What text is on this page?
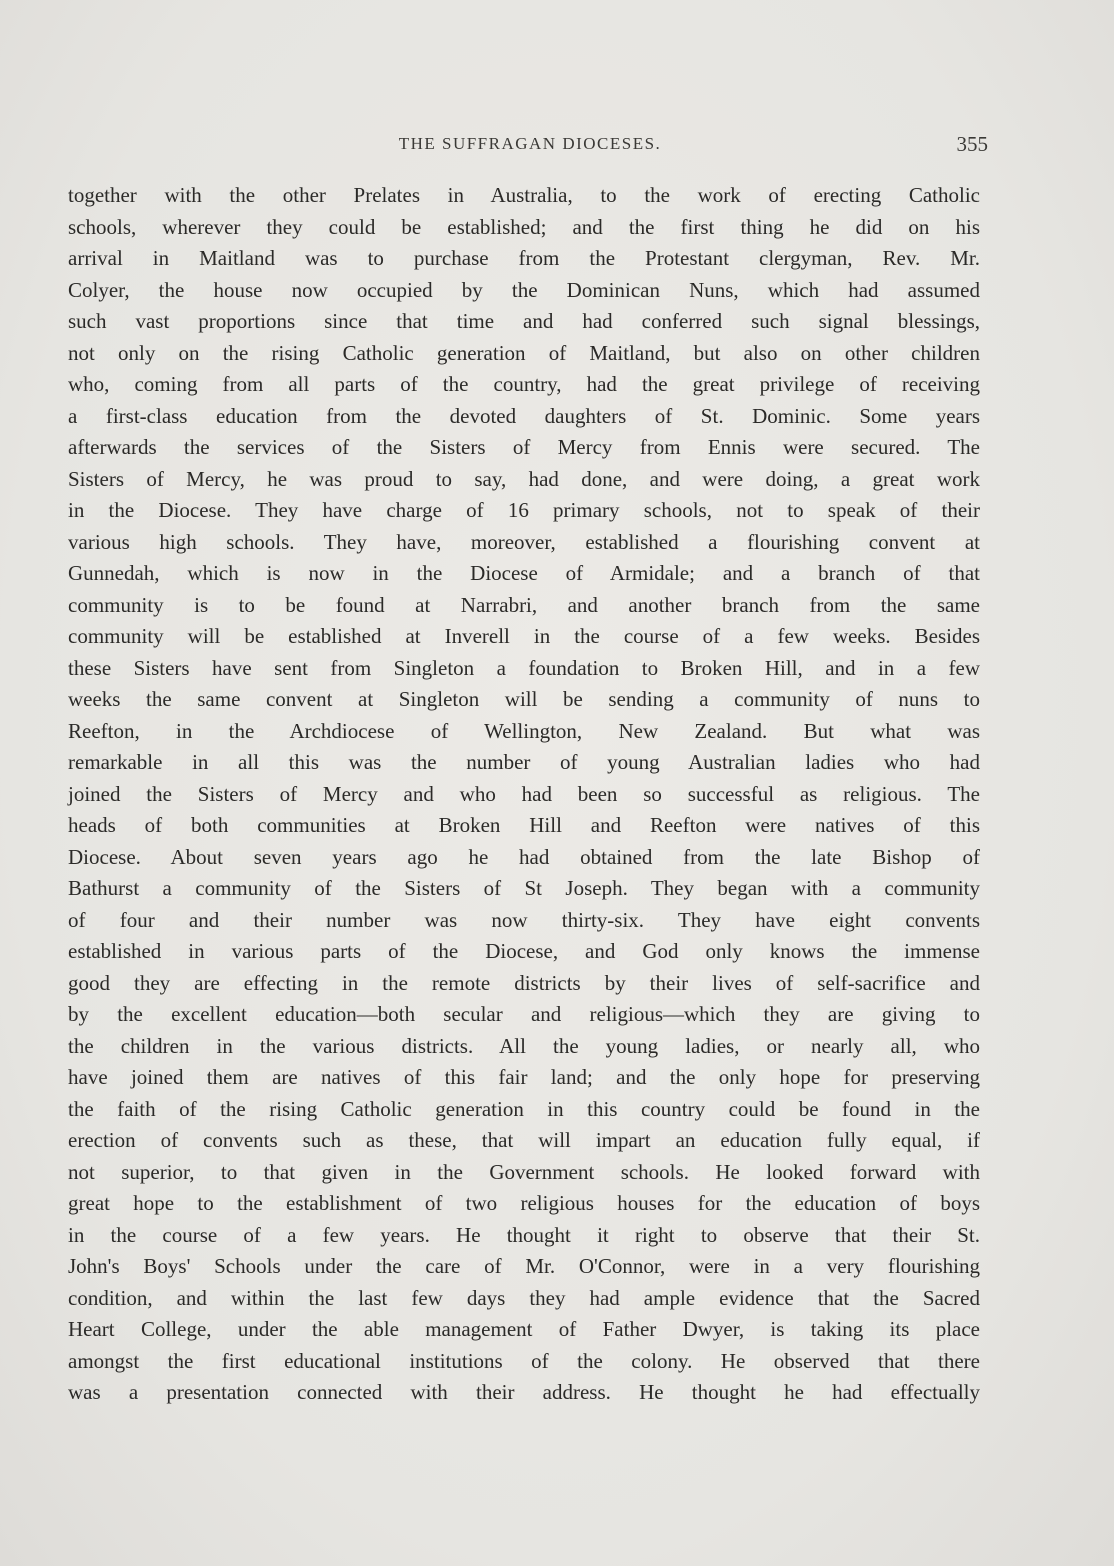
THE SUFFRAGAN DIOCESES.	355
together with the other Prelates in Australia, to the work of erecting Catholic
schools, wherever they could be established; and the first thing he did on his
arrival in Maitland was to purchase from the Protestant clergyman, Rev. Mr.
Colyer, the house now occupied by the Dominican Nuns, which had assumed
such vast proportions since that time and had conferred such signal blessings,
not only on the rising Catholic generation of Maitland, but also on other children
who, coming from all parts of the country, had the great privilege of receiving
a first-class education from the devoted daughters of St. Dominic. Some years
afterwards the services of the Sisters of Mercy from Ennis were secured. The
Sisters of Mercy, he was proud to say, had done, and were doing, a great work
in the Diocese. They have charge of 16 primary schools, not to speak of their
various high schools. They have, moreover, established a flourishing convent at
Gunnedah, which is now in the Diocese of Armidale; and a branch of that
community is to be found at Narrabri, and another branch from the same
community will be established at Inverell in the course of a few weeks. Besides
these Sisters have sent from Singleton a foundation to Broken Hill, and in a few
weeks the same convent at Singleton will be sending a community of nuns to
Reefton, in the Archdiocese of Wellington, New Zealand. But what was
remarkable in all this was the number of young Australian ladies who had
joined the Sisters of Mercy and who had been so successful as religious. The
heads of both communities at Broken Hill and Reefton were natives of this
Diocese. About seven years ago he had obtained from the late Bishop of
Bathurst a community of the Sisters of St Joseph. They began with a community
of four and their number was now thirty-six. They have eight convents
established in various parts of the Diocese, and God only knows the immense
good they are effecting in the remote districts by their lives of self-sacrifice and
by the excellent education—both secular and religious—which they are giving to
the children in the various districts. All the young ladies, or nearly all, who
have joined them are natives of this fair land; and the only hope for preserving
the faith of the rising Catholic generation in this country could be found in the
erection of convents such as these, that will impart an education fully equal, if
not superior, to that given in the Government schools. He looked forward with
great hope to the establishment of two religious houses for the education of boys
in the course of a few years. He thought it right to observe that their St.
John's Boys' Schools under the care of Mr. O'Connor, were in a very flourishing
condition, and within the last few days they had ample evidence that the Sacred
Heart College, under the able management of Father Dwyer, is taking its place
amongst the first educational institutions of the colony. He observed that there
was a presentation connected with their address. He thought he had effectually
